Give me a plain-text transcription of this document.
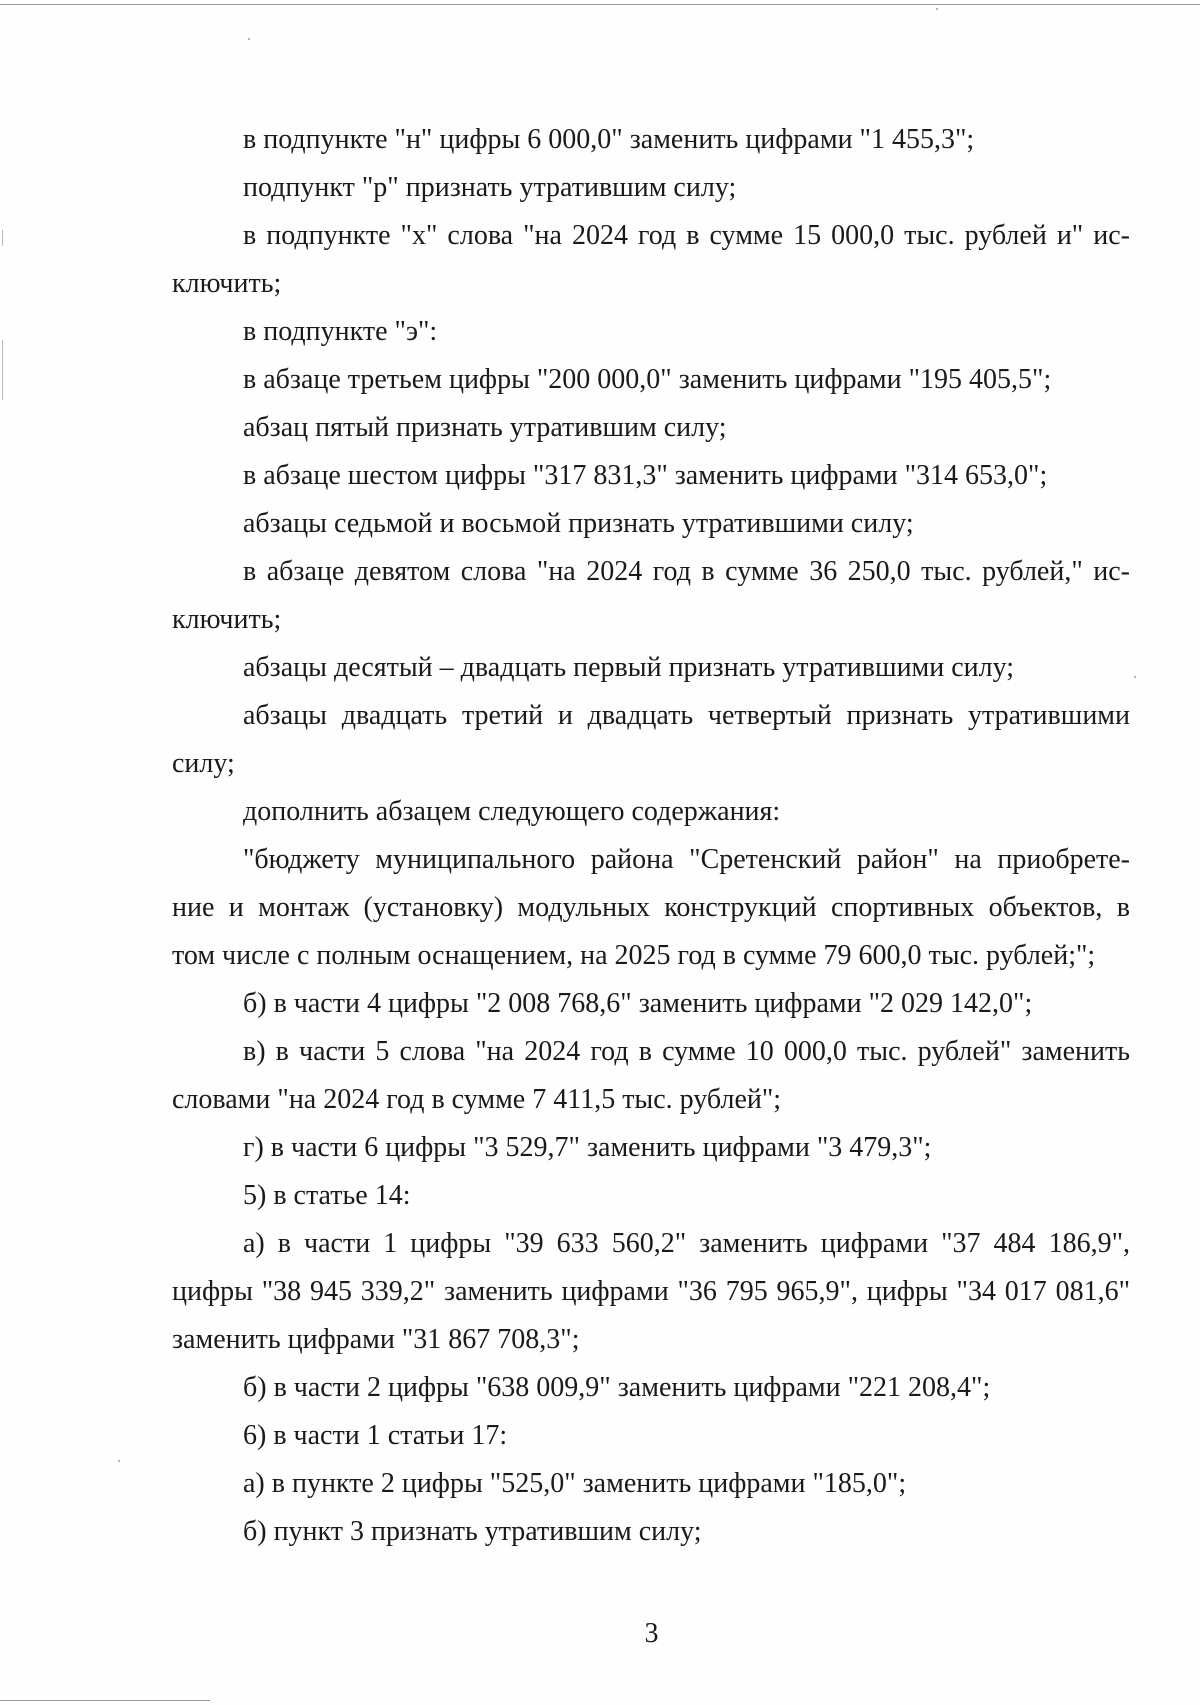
в подпункте "н" цифры 6 000,0" заменить цифрами "1 455,3";

подпункт "р" признать утратившим силу;

в подпункте "х" слова "на 2024 год в сумме 15 000,0 тыс. рублей и" ис-

ключить;

в подпункте "э":

в абзаце третьем цифры "200 000,0" заменить цифрами "195 405,5";

абзац пятый признать утратившим силу;

в абзаце шестом цифры "317 831,3" заменить цифрами "314 653,0";

абзацы седьмой и восьмой признать утратившими силу;

в абзаце девятом слова "на 2024 год в сумме 36 250,0 тыс. рублей," ис-

ключить;

абзацы десятый – двадцать первый признать утратившими силу;

абзацы двадцать третий и двадцать четвертый признать утратившими

силу;

дополнить абзацем следующего содержания:

"бюджету муниципального района "Сретенский район" на приобрете-

ние и монтаж (установку) модульных конструкций спортивных объектов, в

том числе с полным оснащением, на 2025 год в сумме 79 600,0 тыс. рублей;";

б) в части 4 цифры "2 008 768,6" заменить цифрами "2 029 142,0";

в) в части 5 слова "на 2024 год в сумме 10 000,0 тыс. рублей" заменить

словами "на 2024 год в сумме 7 411,5 тыс. рублей";

г) в части 6 цифры "3 529,7" заменить цифрами "3 479,3";

5) в статье 14:

а) в части 1 цифры "39 633 560,2" заменить цифрами "37 484 186,9",

цифры "38 945 339,2" заменить цифрами "36 795 965,9", цифры "34 017 081,6"

заменить цифрами "31 867 708,3";

б) в части 2 цифры "638 009,9" заменить цифрами "221 208,4";

6) в части 1 статьи 17:

а) в пункте 2 цифры "525,0" заменить цифрами "185,0";

б) пункт 3 признать утратившим силу;

3
